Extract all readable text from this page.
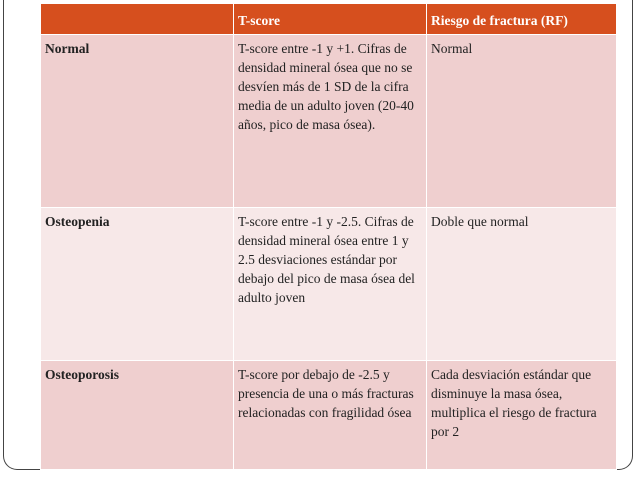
	T-score	Riesgo de fractura (RF)
Normal	T-score entre -1 y +1. Cifras de densidad mineral ósea que no se desvíen más de 1 SD de la cifra media de un adulto joven (20-40 años, pico de masa ósea).	Normal
Osteopenia	T-score entre -1 y -2.5. Cifras de densidad mineral ósea entre 1 y 2.5 desviaciones estándar por debajo del pico de masa ósea del adulto joven	Doble que normal
Osteoporosis	T-score por debajo de -2.5 y presencia de una o más fracturas relacionadas con fragilidad ósea	Cada desviación estándar que disminuye la masa ósea, multiplica el riesgo de fractura por 2
